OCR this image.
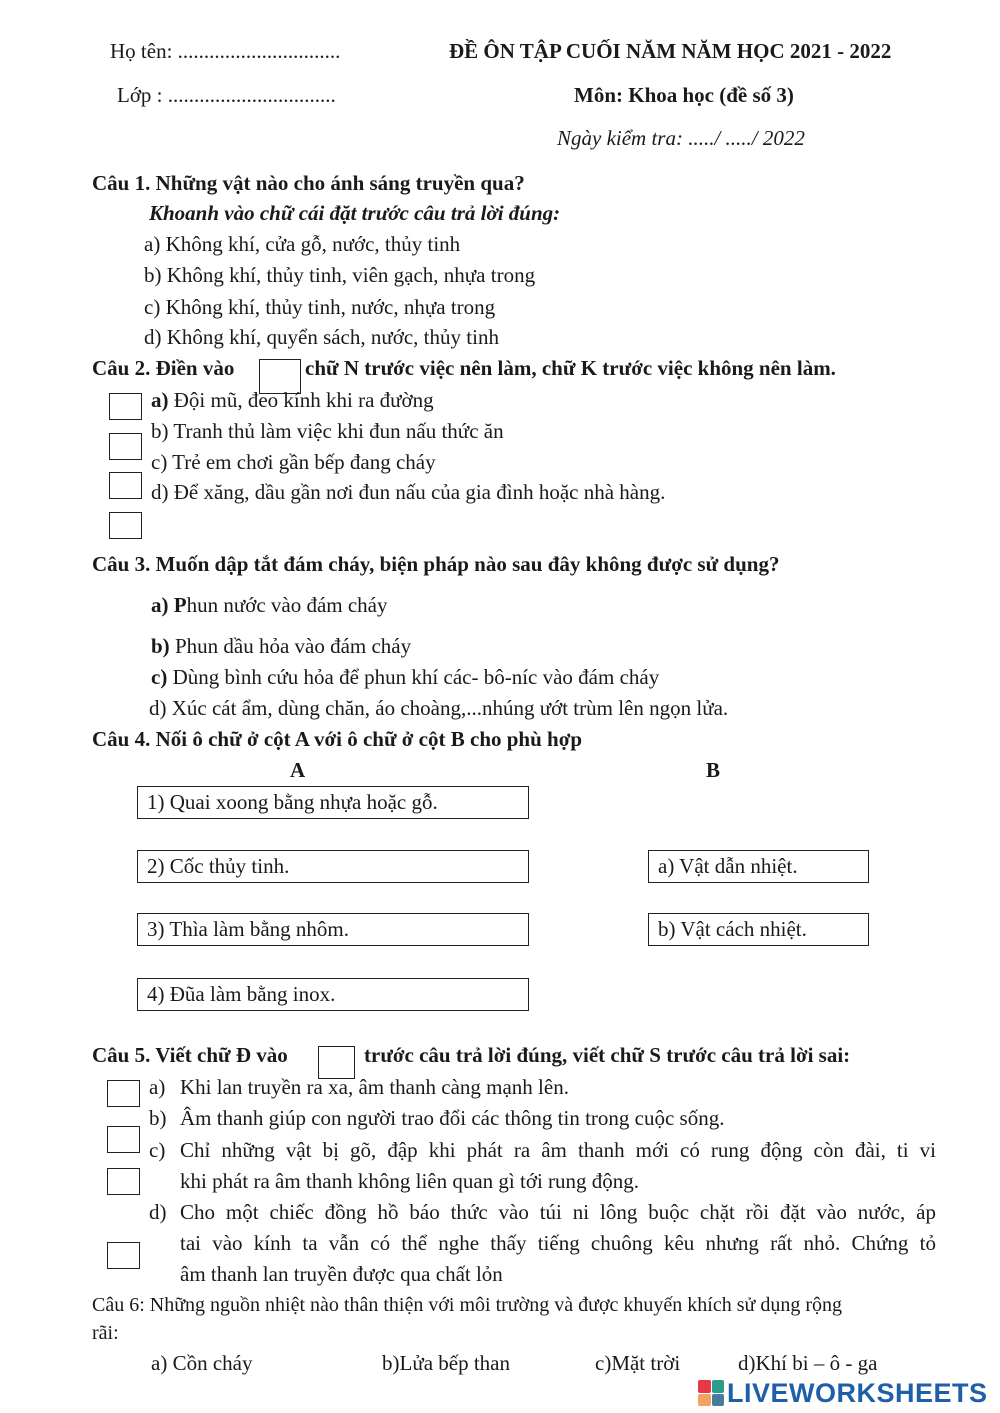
Họ tên: ...............................	ĐỀ ÔN TẬP CUỐI NĂM NĂM HỌC 2021 - 2022
Lớp : ................................	Môn: Khoa học (đề số 3)
Ngày kiểm tra: ...../ ...../ 2022
Câu 1. Những vật nào cho ánh sáng truyền qua?
Khoanh vào chữ cái đặt trước câu trả lời đúng:
a) Không khí, cửa gỗ, nước, thủy tinh
b) Không khí, thủy tinh, viên gạch, nhựa trong
c) Không khí, thủy tinh, nước, nhựa trong
d) Không khí, quyển sách, nước, thủy tinh
Câu 2. Điền vào	chữ N trước việc nên làm, chữ K trước việc không nên làm.
a) Đội mũ, đeo kính khi ra đường
b) Tranh thủ làm việc khi đun nấu thức ăn
c) Trẻ em chơi gần bếp đang cháy
d) Để xăng, dầu gần nơi đun nấu của gia đình hoặc nhà hàng.
Câu 3. Muốn dập tắt đám cháy, biện pháp nào sau đây không được sử dụng?
a) Phun nước vào đám cháy
b) Phun dầu hỏa vào đám cháy
c) Dùng bình cứu hỏa để phun khí các- bô-níc vào đám cháy
d) Xúc cát ẩm, dùng chăn, áo choàng,...nhúng ướt trùm lên ngọn lửa.
Câu 4. Nối ô chữ ở cột A với ô chữ ở cột B cho phù hợp
A	B
1) Quai xoong bằng nhựa hoặc gỗ.
2) Cốc thủy tinh.
3) Thìa làm bằng nhôm.
4) Đũa làm bằng inox.
a) Vật dẫn nhiệt.
b) Vật cách nhiệt.
Câu 5. Viết chữ Đ vào	trước câu trả lời đúng, viết chữ S trước câu trả lời sai:
a) Khi lan truyền ra xa, âm thanh càng mạnh lên.
b) Âm thanh giúp con người trao đổi các thông tin trong cuộc sống.
c) Chỉ những vật bị gõ, đập khi phát ra âm thanh mới có rung động còn đài, ti vi
khi phát ra âm thanh không liên quan gì tới rung động.
d) Cho một chiếc đồng hồ báo thức vào túi ni lông buộc chặt rồi đặt vào nước, áp
tai vào kính ta vẫn có thể nghe thấy tiếng chuông kêu nhưng rất nhỏ. Chứng tỏ
âm thanh lan truyền được qua chất lỏn
Câu 6: Những nguồn nhiệt nào thân thiện với môi trường và được khuyến khích sử dụng rộng
rãi:
a) Cồn cháy	b)Lửa bếp than	c)Mặt trời	d)Khí bi – ô - ga
LIVEWORKSHEETS
